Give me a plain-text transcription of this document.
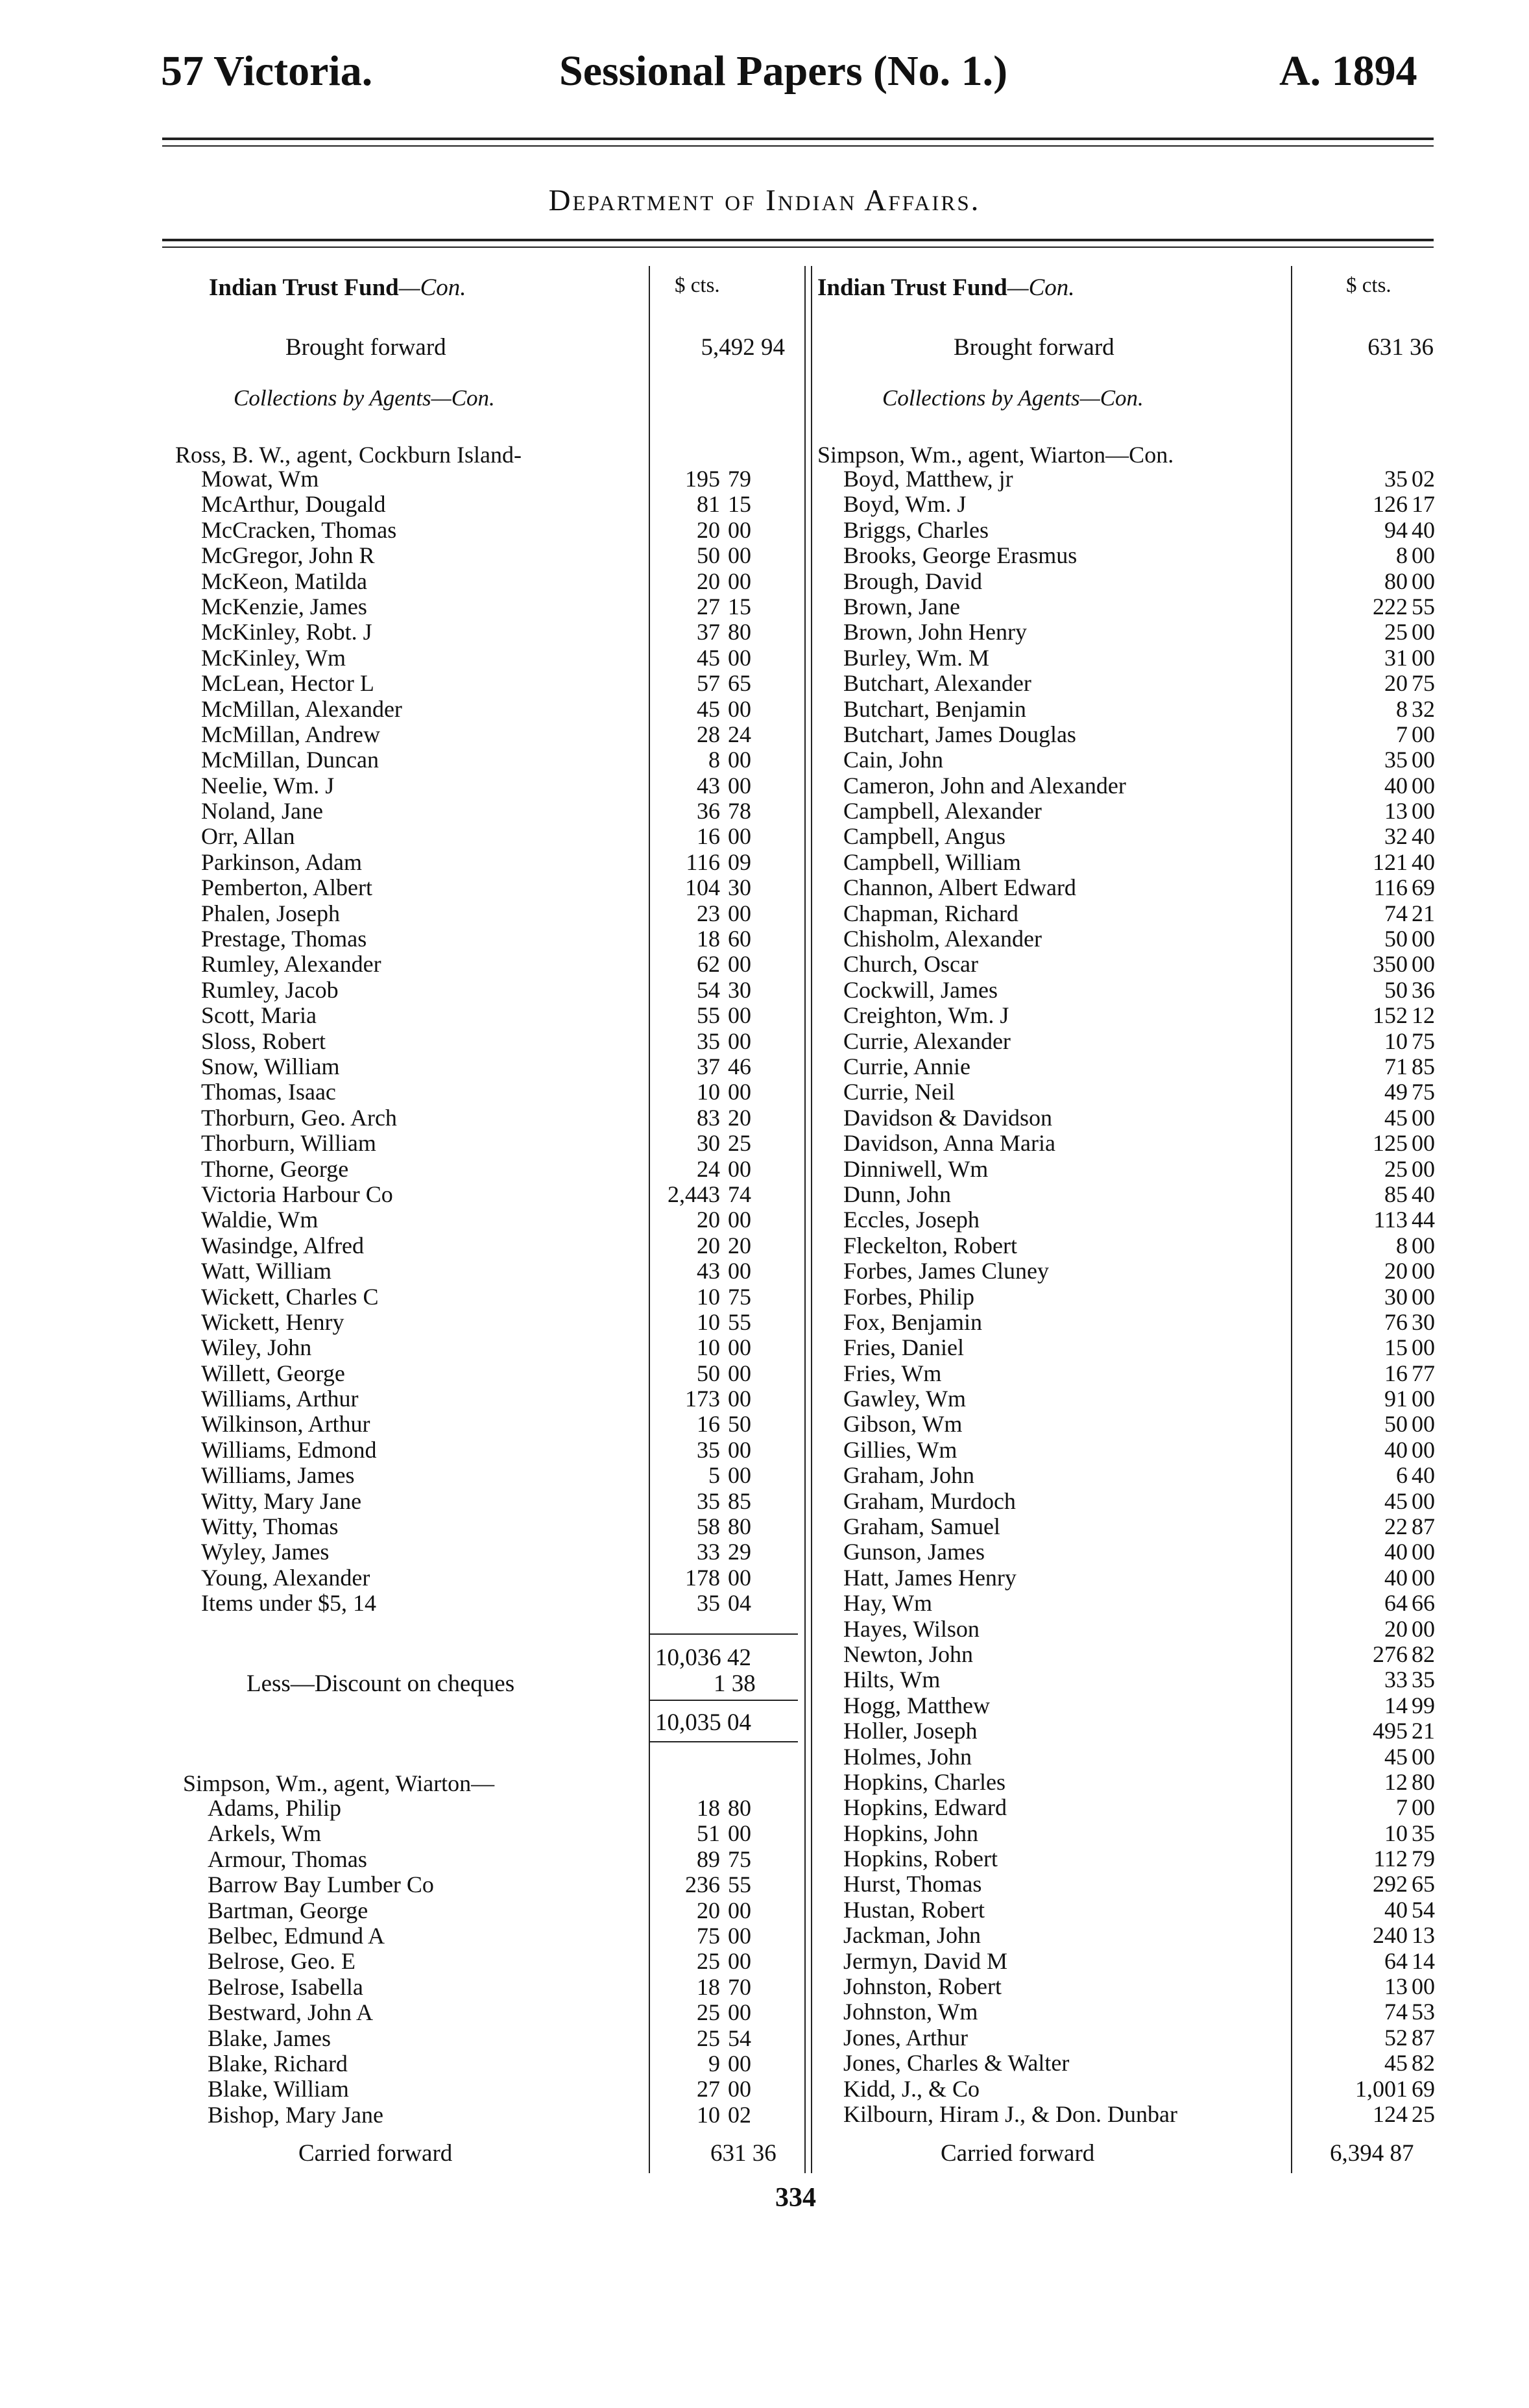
57 Victoria.	Sessional Papers (No. 1.)	A. 1894
Department of Indian Affairs.
Indian Trust Fund—Con.	$ cts.
Brought forward	5,492 94
Collections by Agents—Con.
Ross, B. W., agent, Cockburn Island-
Mowat, Wm	195 79
McArthur, Dougald	81 15
McCracken, Thomas	20 00
McGregor, John R	50 00
McKeon, Matilda	20 00
McKenzie, James	27 15
McKinley, Robt. J	37 80
McKinley, Wm	45 00
McLean, Hector L	57 65
McMillan, Alexander	45 00
McMillan, Andrew	28 24
McMillan, Duncan	8 00
Neelie, Wm. J	43 00
Noland, Jane	36 78
Orr, Allan	16 00
Parkinson, Adam	116 09
Pemberton, Albert	104 30
Phalen, Joseph	23 00
Prestage, Thomas	18 60
Rumley, Alexander	62 00
Rumley, Jacob	54 30
Scott, Maria	55 00
Sloss, Robert	35 00
Snow, William	37 46
Thomas, Isaac	10 00
Thorburn, Geo. Arch	83 20
Thorburn, William	30 25
Thorne, George	24 00
Victoria Harbour Co	2,443 74
Waldie, Wm	20 00
Wasindge, Alfred	20 20
Watt, William	43 00
Wickett, Charles C	10 75
Wickett, Henry	10 55
Wiley, John	10 00
Willett, George	50 00
Williams, Arthur	173 00
Wilkinson, Arthur	16 50
Williams, Edmond	35 00
Williams, James	5 00
Witty, Mary Jane	35 85
Witty, Thomas	58 80
Wyley, James	33 29
Young, Alexander	178 00
Items under $5, 14	35 04
10,036 42
Less—Discount on cheques	1 38
10,035 04
Simpson, Wm., agent, Wiarton—
Adams, Philip	18 80
Arkels, Wm	51 00
Armour, Thomas	89 75
Barrow Bay Lumber Co	236 55
Bartman, George	20 00
Belbec, Edmund A	75 00
Belrose, Geo. E	25 00
Belrose, Isabella	18 70
Bestward, John A	25 00
Blake, James	25 54
Blake, Richard	9 00
Blake, William	27 00
Bishop, Mary Jane	10 02
Carried forward	631 36
Indian Trust Fund—Con.	$ cts.
Brought forward	631 36
Collections by Agents—Con.
Simpson, Wm., agent, Wiarton—Con.
Boyd, Matthew, jr	35 02
Boyd, Wm. J	126 17
Briggs, Charles	94 40
Brooks, George Erasmus	8 00
Brough, David	80 00
Brown, Jane	222 55
Brown, John Henry	25 00
Burley, Wm. M	31 00
Butchart, Alexander	20 75
Butchart, Benjamin	8 32
Butchart, James Douglas	7 00
Cain, John	35 00
Cameron, John and Alexander	40 00
Campbell, Alexander	13 00
Campbell, Angus	32 40
Campbell, William	121 40
Channon, Albert Edward	116 69
Chapman, Richard	74 21
Chisholm, Alexander	50 00
Church, Oscar	350 00
Cockwill, James	50 36
Creighton, Wm. J	152 12
Currie, Alexander	10 75
Currie, Annie	71 85
Currie, Neil	49 75
Davidson & Davidson	45 00
Davidson, Anna Maria	125 00
Dinniwell, Wm	25 00
Dunn, John	85 40
Eccles, Joseph	113 44
Fleckelton, Robert	8 00
Forbes, James Cluney	20 00
Forbes, Philip	30 00
Fox, Benjamin	76 30
Fries, Daniel	15 00
Fries, Wm	16 77
Gawley, Wm	91 00
Gibson, Wm	50 00
Gillies, Wm	40 00
Graham, John	6 40
Graham, Murdoch	45 00
Graham, Samuel	22 87
Gunson, James	40 00
Hatt, James Henry	40 00
Hay, Wm	64 66
Hayes, Wilson	20 00
Newton, John	276 82
Hilts, Wm	33 35
Hogg, Matthew	14 99
Holler, Joseph	495 21
Holmes, John	45 00
Hopkins, Charles	12 80
Hopkins, Edward	7 00
Hopkins, John	10 35
Hopkins, Robert	112 79
Hurst, Thomas	292 65
Hustan, Robert	40 54
Jackman, John	240 13
Jermyn, David M	64 14
Johnston, Robert	13 00
Johnston, Wm	74 53
Jones, Arthur	52 87
Jones, Charles & Walter	45 82
Kidd, J., & Co	1,001 69
Kilbourn, Hiram J., & Don. Dunbar	124 25
Carried forward	6,394 87
334
